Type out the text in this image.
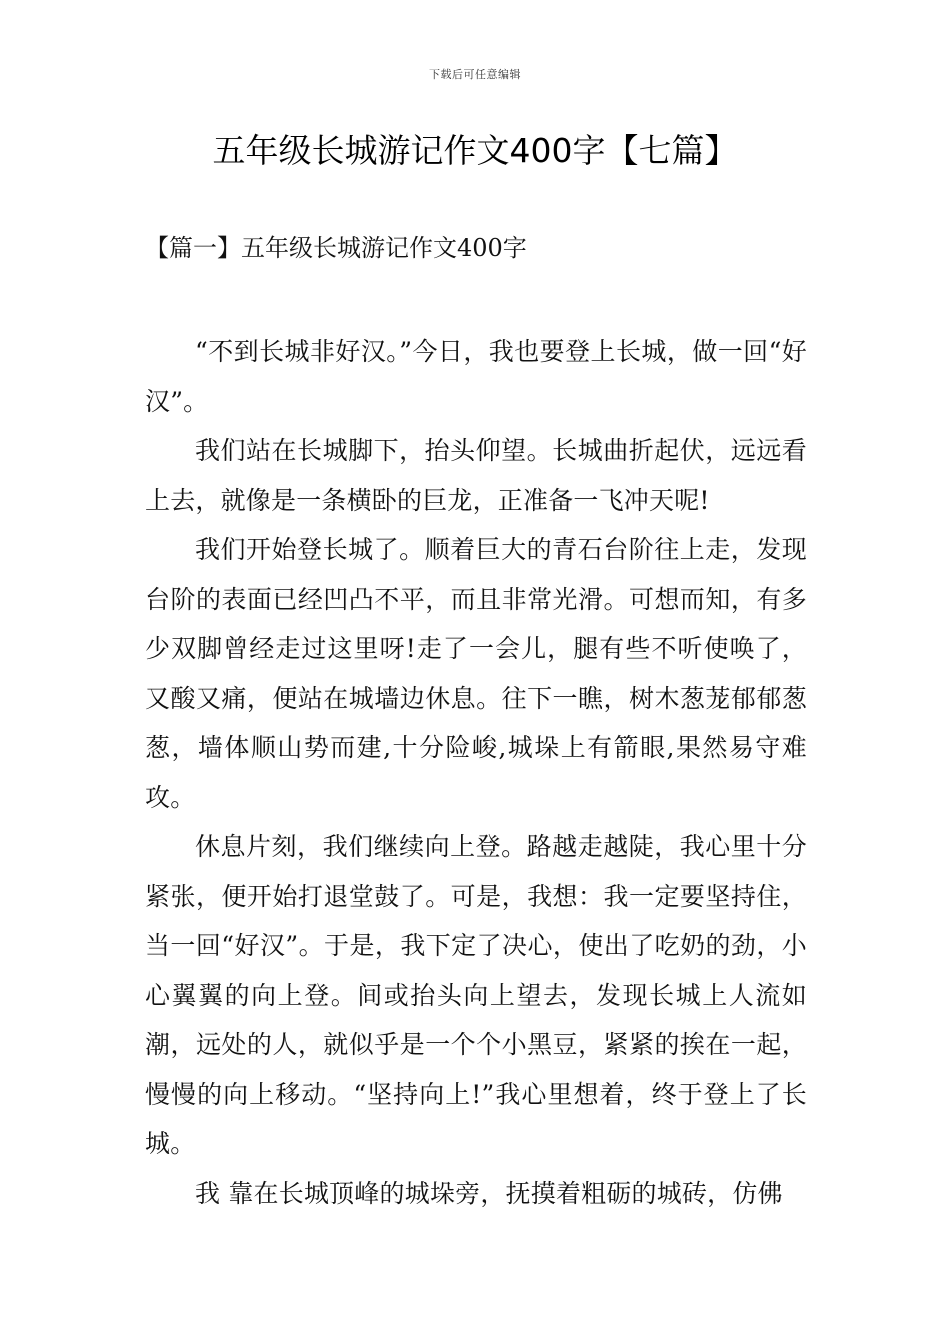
下载后可任意编辑
五年级长城游记作文400字【七篇】
【篇一】五年级长城游记作文400字

“不到长城非好汉。”今日，我也要登上长城，做一回“好汉”。

我们站在长城脚下，抬头仰望。长城曲折起伏，远远看上去，就像是一条横卧的巨龙，正准备一飞冲天呢!

我们开始登长城了。顺着巨大的青石台阶往上走，发现台阶的表面已经凹凸不平，而且非常光滑。可想而知，有多少双脚曾经走过这里呀!走了一会儿，腿有些不听使唤了，又酸又痛，便站在城墙边休息。往下一瞧，树木葱茏郁郁葱葱，墙体顺山势而建,十分险峻,城垛上有箭眼,果然易守难攻。

休息片刻，我们继续向上登。路越走越陡，我心里十分紧张，便开始打退堂鼓了。可是，我想：我一定要坚持住，当一回“好汉”。于是，我下定了决心，使出了吃奶的劲，小心翼翼的向上登。间或抬头向上望去，发现长城上人流如潮，远处的人，就似乎是一个个小黑豆，紧紧的挨在一起，慢慢的向上移动。“坚持向上!”我心里想着，终于登上了长城。

我 靠在长城顶峰的城垛旁，抚摸着粗砺的城砖，仿佛
